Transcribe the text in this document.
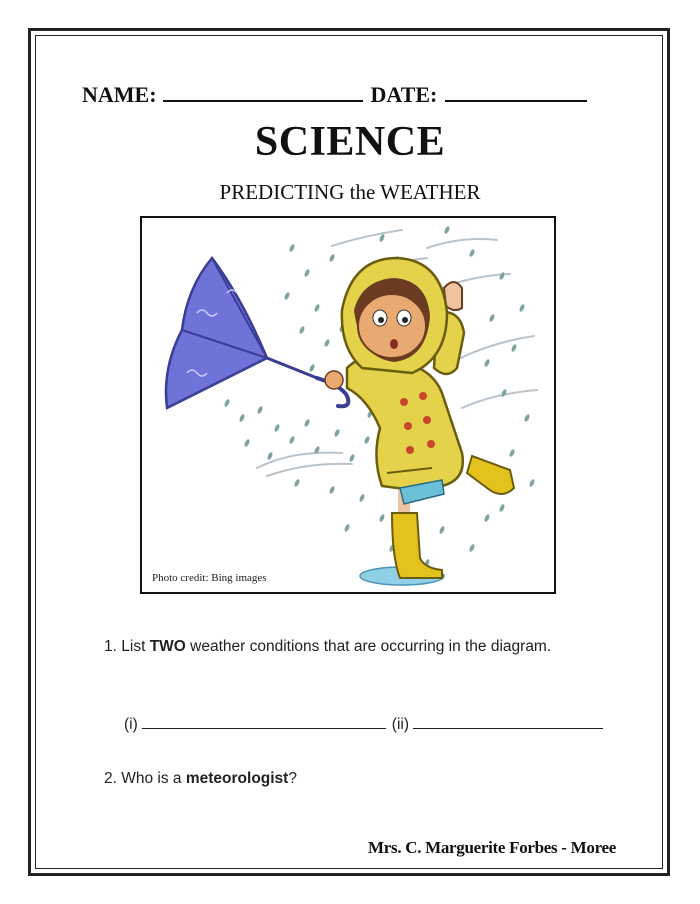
NAME:	DATE:
SCIENCE
PREDICTING the WEATHER
Photo credit: Bing images
1. List TWO weather conditions that are occurring in the diagram.
(i)	(ii)
2. Who is a meteorologist?
Mrs. C. Marguerite Forbes - Moree
